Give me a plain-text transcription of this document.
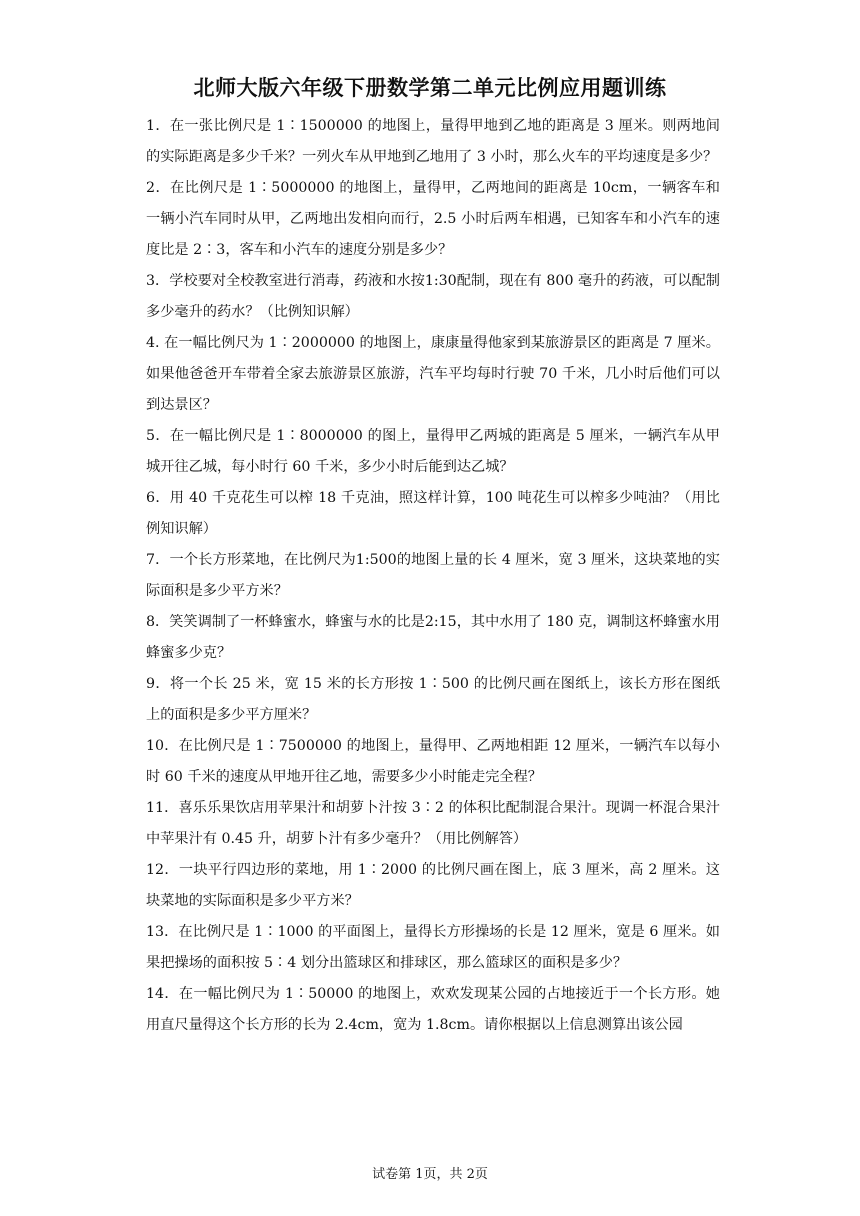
北师大版六年级下册数学第二单元比例应用题训练

1．在一张比例尺是 1∶1500000 的地图上，量得甲地到乙地的距离是 3 厘米。则两地间的实际距离是多少千米？一列火车从甲地到乙地用了 3 小时，那么火车的平均速度是多少？

2．在比例尺是 1∶5000000 的地图上，量得甲，乙两地间的距离是 10cm，一辆客车和一辆小汽车同时从甲，乙两地出发相向而行，2.5 小时后两车相遇，已知客车和小汽车的速度比是 2∶3，客车和小汽车的速度分别是多少？

3．学校要对全校教室进行消毒，药液和水按1:30配制，现在有 800 毫升的药液，可以配制多少毫升的药水？（比例知识解）

4. 在一幅比例尺为 1∶2000000 的地图上，康康量得他家到某旅游景区的距离是 7 厘米。如果他爸爸开车带着全家去旅游景区旅游，汽车平均每时行驶 70 千米，几小时后他们可以到达景区？

5．在一幅比例尺是 1∶8000000 的图上，量得甲乙两城的距离是 5 厘米，一辆汽车从甲城开往乙城，每小时行 60 千米，多少小时后能到达乙城？

6．用 40 千克花生可以榨 18 千克油，照这样计算，100 吨花生可以榨多少吨油？（用比例知识解）

7．一个长方形菜地，在比例尺为1:500的地图上量的长 4 厘米，宽 3 厘米，这块菜地的实际面积是多少平方米？

8．笑笑调制了一杯蜂蜜水，蜂蜜与水的比是2:15，其中水用了 180 克，调制这杯蜂蜜水用蜂蜜多少克？

9．将一个长 25 米，宽 15 米的长方形按 1∶500 的比例尺画在图纸上，该长方形在图纸上的面积是多少平方厘米？

10．在比例尺是 1∶7500000 的地图上，量得甲、乙两地相距 12 厘米，一辆汽车以每小时 60 千米的速度从甲地开往乙地，需要多少小时能走完全程？

11．喜乐乐果饮店用苹果汁和胡萝卜汁按 3∶2 的体积比配制混合果汁。现调一杯混合果汁中苹果汁有 0.45 升，胡萝卜汁有多少毫升？（用比例解答）

12．一块平行四边形的菜地，用 1∶2000 的比例尺画在图上，底 3 厘米，高 2 厘米。这块菜地的实际面积是多少平方米？

13．在比例尺是 1∶1000 的平面图上，量得长方形操场的长是 12 厘米，宽是 6 厘米。如果把操场的面积按 5∶4 划分出篮球区和排球区，那么篮球区的面积是多少？

14．在一幅比例尺为 1∶50000 的地图上，欢欢发现某公园的占地接近于一个长方形。她用直尺量得这个长方形的长为 2.4cm，宽为 1.8cm。请你根据以上信息测算出该公园

试卷第 1页，共 2页
